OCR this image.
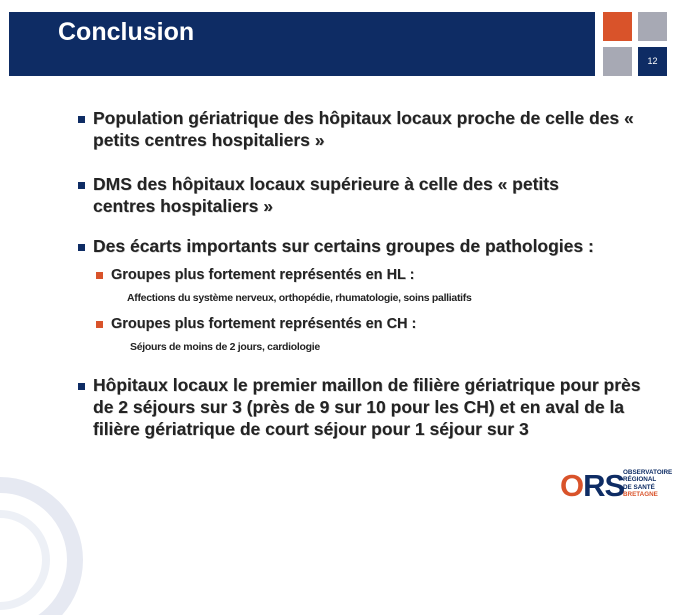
Conclusion
12
Population gériatrique des hôpitaux locaux proche de celle des « petits centres hospitaliers »
DMS des hôpitaux locaux supérieure à celle des « petits centres hospitaliers »
Des écarts importants sur certains groupes de pathologies :
Groupes plus fortement représentés en HL :
Affections du système nerveux, orthopédie, rhumatologie, soins palliatifs
Groupes plus fortement représentés en CH :
Séjours de moins de 2 jours, cardiologie
Hôpitaux locaux le premier maillon de filière gériatrique pour près de 2 séjours sur 3 (près de 9 sur 10 pour les CH) et en aval de la filière gériatrique de court séjour pour 1 séjour sur 3
ORS
OBSERVATOIRE
RÉGIONAL
DE SANTÉ
BRETAGNE
